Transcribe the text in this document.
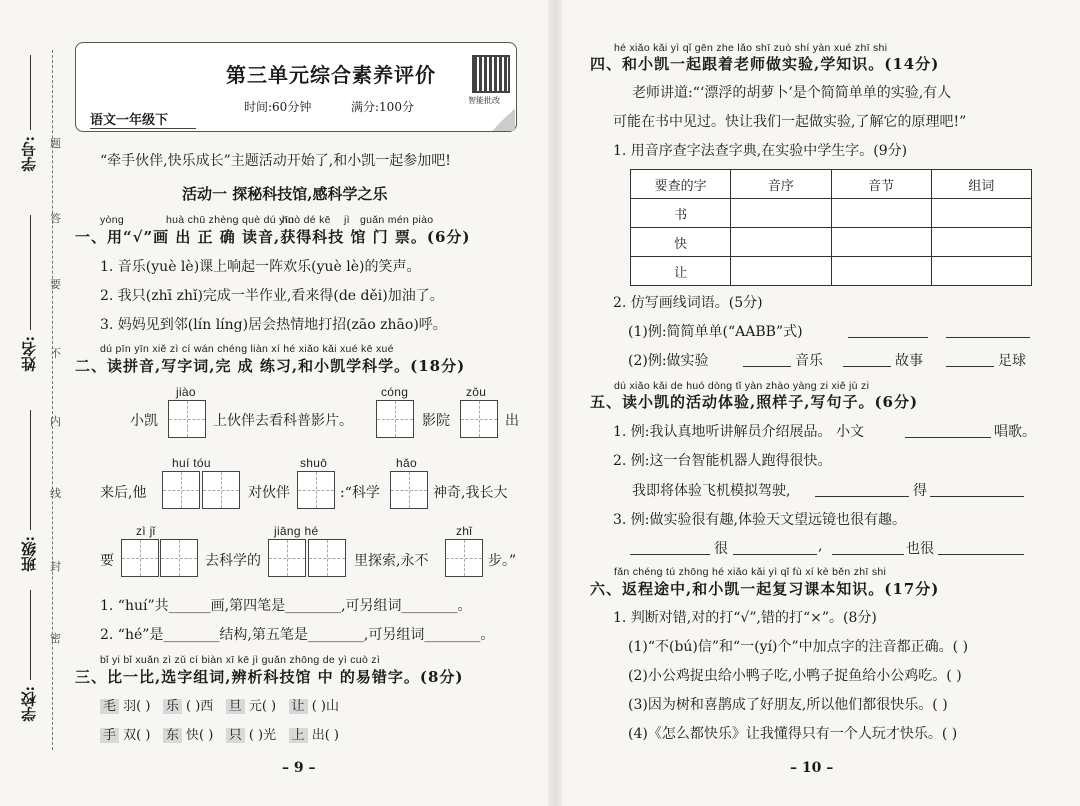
学号:
姓名:
班级:
学校:
题
答
要
不
内
线
封
密
第三单元综合素养评价
时间:60分钟	满分:100分
语文一年级下
智能批改
“牵手伙伴,快乐成长”主题活动开始了,和小凯一起参加吧!
活动一 探秘科技馆,感科学之乐
yòng	huà chū zhèng què dú yīn
huò dé kē jì guǎn mén piào
一、用“√”画 出 正 确 读音,获得科技 馆 门 票。(6分)
1. 音乐(yuè lè)课上响起一阵欢乐(yuè lè)的笑声。
2. 我只(zhī zhǐ)完成一半作业,看来得(de děi)加油了。
3. 妈妈见到邻(lín líng)居会热情地打招(zāo zhāo)呼。
dú pīn yīn xiě zì cí wán chéng liàn xí hé xiǎo kǎi xué kē xué
二、读拼音,写字词,完 成 练习,和小凯学科学。(18分)
jiào	cóng	zǒu
小凯	上伙伴去看科普影片。	影院	出
huí tóu	shuō	hǎo
来后,他	对伙伴	:“科学	神奇,我长大
zì jǐ	jiāng hé	zhǐ
要	去科学的	里探索,永不	步。”
1. “huí”共______画,第四笔是________,可另组词________。
2. “hé”是________结构,第五笔是________,可另组词________。
bǐ yi bǐ xuǎn zì zǔ cí biàn xī kē jì guǎn zhōng de yì cuò zì
三、比一比,选字组词,辨析科技馆 中 的易错字。(8分)
毛 羽( ) 乐 ( )西 旦 元( ) 让 ( )山
手 双( ) 东 快( ) 只 ( )光 上 出( )
– 9 –
hé xiǎo kǎi yì qǐ gēn zhe lǎo shī zuò shí yàn xué zhī shi
四、和小凯一起跟着老师做实验,学知识。(14分)
老师讲道:“‘漂浮的胡萝卜’是个简简单单的实验,有人
可能在书中见过。快让我们一起做实验,了解它的原理吧!”
1. 用音序查字法查字典,在实验中学生字。(9分)
要查的字	音序	音节	组词
书			
快			
让			
2. 仿写画线词语。(5分)
(1)例:简简单单(“AABB”式)
(2)例:做实验	音乐	故事	足球
dú xiǎo kǎi de huó dòng tǐ yàn zhào yàng zi xiě jù zi
五、读小凯的活动体验,照样子,写句子。(6分)
1. 例:我认真地听讲解员介绍展品。 小文	唱歌。
2. 例:这一台智能机器人跑得很快。
我即将体验飞机模拟驾驶,	得
3. 例:做实验很有趣,体验天文望远镜也很有趣。
很	,	也很
fǎn chéng tú zhōng hé xiǎo kǎi yì qǐ fù xí kè běn zhī shi
六、返程途中,和小凯一起复习课本知识。(17分)
1. 判断对错,对的打“√”,错的打“×”。(8分)
(1)“不(bú)信”和“一(yí)个”中加点字的注音都正确。( )
(2)小公鸡捉虫给小鸭子吃,小鸭子捉鱼给小公鸡吃。( )
(3)因为树和喜鹊成了好朋友,所以他们都很快乐。( )
(4)《怎么都快乐》让我懂得只有一个人玩才快乐。( )
– 10 –
